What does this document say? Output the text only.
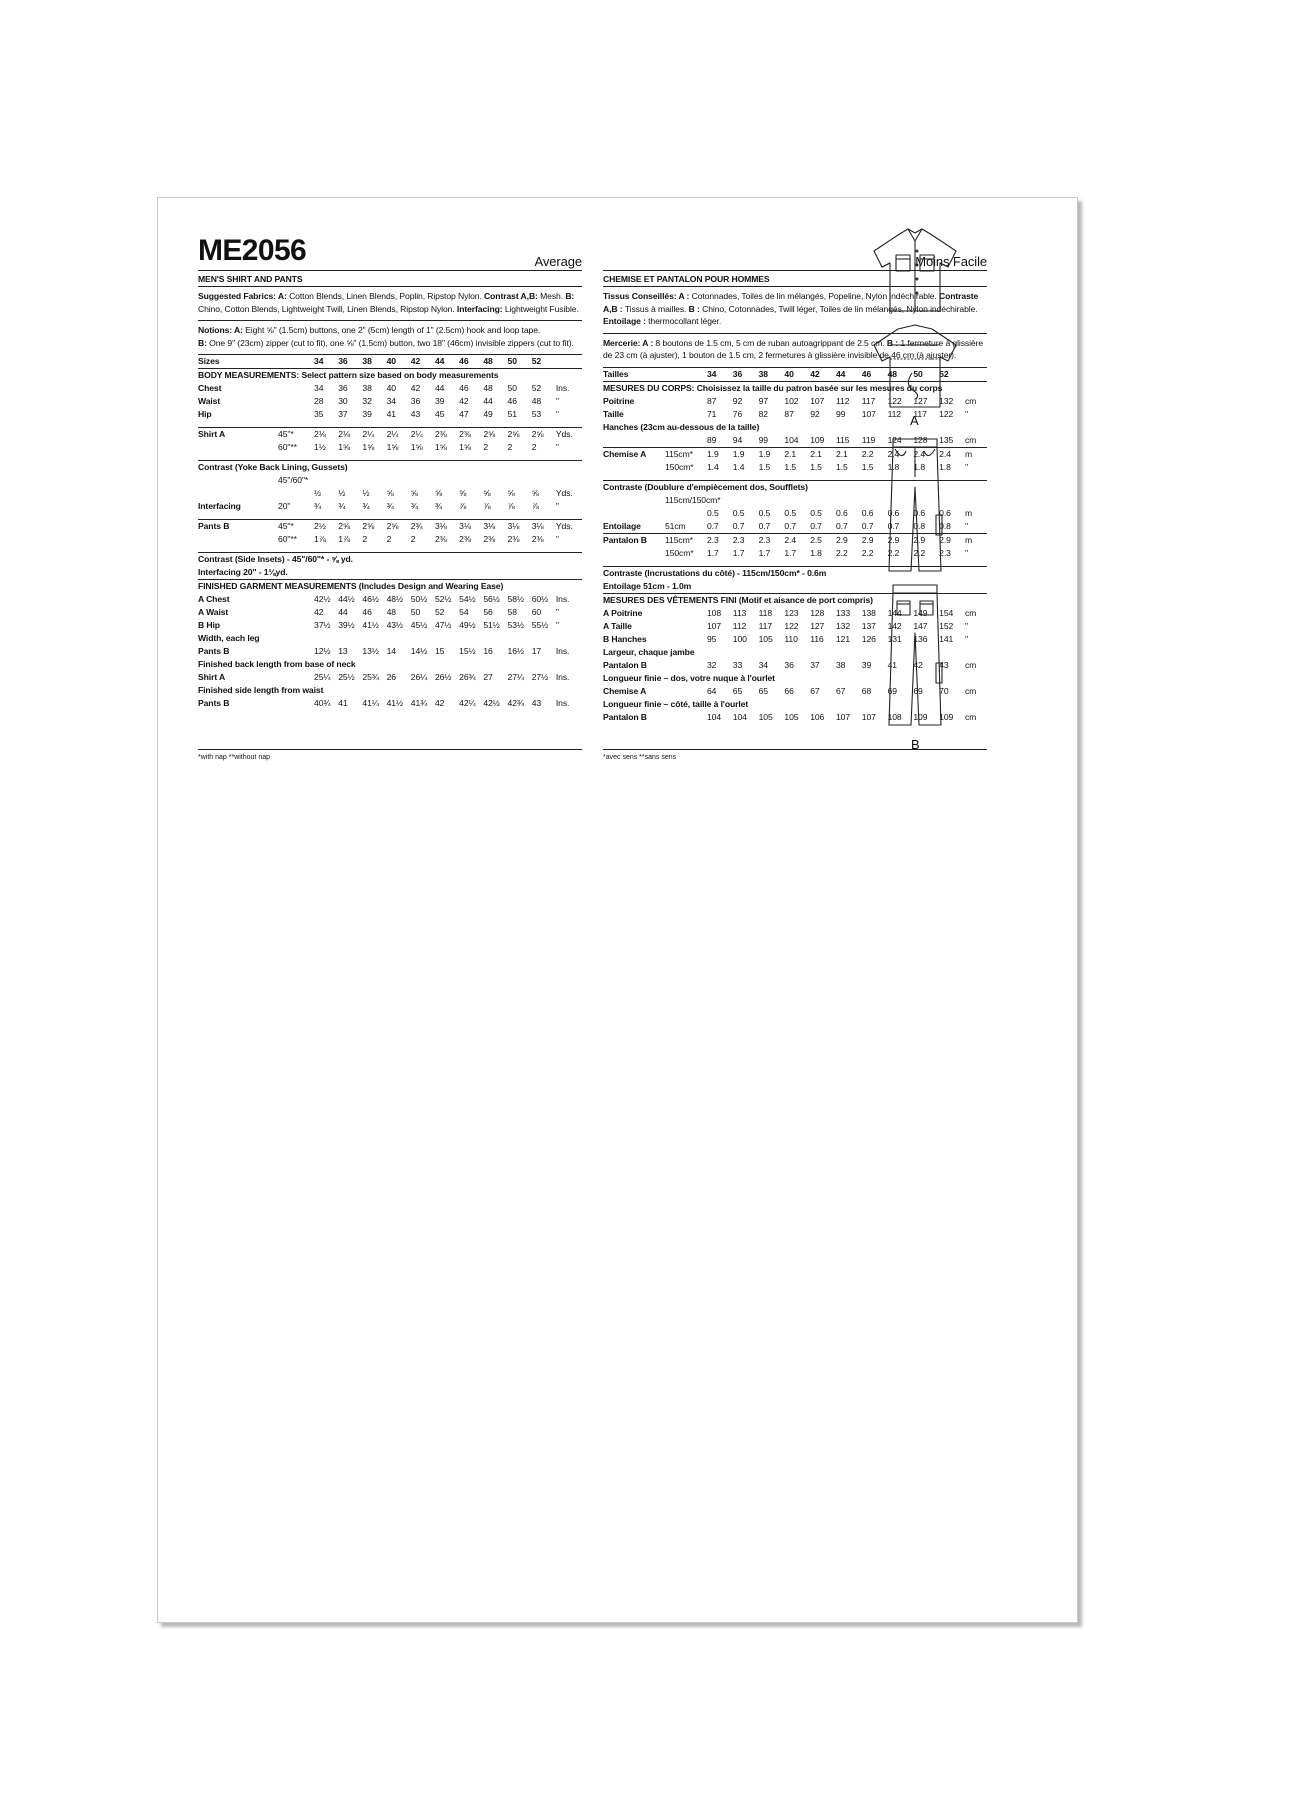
ME2056	Average
MEN'S SHIRT AND PANTS
Suggested Fabrics: A: Cotton Blends, Linen Blends, Poplin, Ripstop Nylon. Contrast A,B: Mesh. B: Chino, Cotton Blends, Lightweight Twill, Linen Blends, Ripstop Nylon. Interfacing: Lightweight Fusible.
Notions: A: Eight ⅝" (1.5cm) buttons, one 2" (5cm) length of 1" (2.5cm) hook and loop tape.
B: One 9" (23cm) zipper (cut to fit), one ⅝" (1.5cm) button, two 18" (46cm) invisible zippers (cut to fit).
Sizes		34	36	38	40	42	44	46	48	50	52	
BODY MEASUREMENTS: Select pattern size based on body measurements												
Chest		34	36	38	40	42	44	46	48	50	52	Ins.
Waist		28	30	32	34	36	39	42	44	46	48	"
Hip		35	37	39	41	43	45	47	49	51	53	"

Shirt A	45"*	2⅛	2⅛	2¼	2¼	2¼	2⅜	2⅜	2⅝	2⅝	2⅝	Yds.
	60"**	1½	1⅝	1⅝	1⅝	1⅝	1⅝	1⅝	2	2	2	"

Contrast (Yoke Back Lining, Gussets)												
	45"/60"*											
		½	½	½	⅝	⅝	⅝	⅝	⅝	⅝	⅝	Yds.
Interfacing	20"	¾	¾	¾	¾	¾	¾	⅞	⅞	⅞	⅞	"

Pants B	45"*	2½	2⅝	2⅝	2⅝	2¾	3⅛	3⅛	3⅛	3⅛	3⅛	Yds.
	60"**	1⅞	1⅞	2	2	2	2⅜	2⅜	2⅜	2⅜	2⅜	"

Contrast (Side Insets) - 45"/60"* - ⅝ yd.												
Interfacing 20" - 1⅛yd.												
FINISHED GARMENT MEASUREMENTS (Includes Design and Wearing Ease)												
A Chest		42½	44½	46½	48½	50½	52½	54½	56½	58½	60½	Ins.
A Waist		42	44	46	48	50	52	54	56	58	60	"
B Hip		37½	39½	41½	43½	45½	47½	49½	51½	53½	55½	"
Width, each leg												
Pants B		12½	13	13½	14	14½	15	15½	16	16½	17	Ins.
Finished back length from base of neck												
Shirt A		25¼	25½	25¾	26	26¼	26½	26¾	27	27¼	27½	Ins.
Finished side length from waist												
Pants B		40¾	41	41¼	41½	41¾	42	42¼	42½	42¾	43	Ins.
Moins Facile
CHEMISE ET PANTALON POUR HOMMES
Tissus Conseillés: A : Cotonnades, Toiles de lin mélangés, Popeline, Nylon indéchirable. Contraste A,B : Tissus à mailles. B : Chino, Cotonnades, Twill léger, Toiles de lin mélangés, Nylon indéchirable. Entoilage : thermocollant léger.
Mercerie: A : 8 boutons de 1.5 cm, 5 cm de ruban autoagrippant de 2.5 cm. B : 1 fermeture à glissière de 23 cm (à ajuster), 1 bouton de 1.5 cm, 2 fermetures à glissière invisible de 46 cm (à ajuster).
Tailles		34	36	38	40	42	44	46	48	50	52	
MESURES DU CORPS: Choisissez la taille du patron basée sur les mesures du corps												
Poitrine		87	92	97	102	107	112	117	122	127	132	cm
Taille		71	76	82	87	92	99	107	112	117	122	"
Hanches (23cm au-dessous de la taille)												
		89	94	99	104	109	115	119	124	128	135	cm
Chemise A	115cm*	1.9	1.9	1.9	2.1	2.1	2.1	2.2	2.4	2.4	2.4	m
	150cm*	1.4	1.4	1.5	1.5	1.5	1.5	1.5	1.8	1.8	1.8	"

Contraste (Doublure d'empiècement dos, Soufflets)												
	115cm/150cm*											
		0.5	0.5	0.5	0.5	0.5	0.6	0.6	0.6	0.6	0.6	m
Entoilage	51cm	0.7	0.7	0.7	0.7	0.7	0.7	0.7	0.7	0.8	0.8	"
Pantalon B	115cm*	2.3	2.3	2.3	2.4	2.5	2.9	2.9	2.9	2.9	2.9	m
	150cm*	1.7	1.7	1.7	1.7	1.8	2.2	2.2	2.2	2.2	2.3	"

Contraste (Incrustations du côté) - 115cm/150cm* - 0.6m												
Entoilage 51cm - 1.0m												
MESURES DES VÊTEMENTS FINI (Motif et aisance de port compris)												
A Poitrine		108	113	118	123	128	133	138	144	149	154	cm
A Taille		107	112	117	122	127	132	137	142	147	152	"
B Hanches		95	100	105	110	116	121	126	131	136	141	"
Largeur, chaque jambe												
Pantalon B		32	33	34	36	37	38	39	41	42	43	cm
Longueur finie – dos, votre nuque à l'ourlet												
Chemise A		64	65	65	66	67	67	68	69	69	70	cm
Longueur finie – côté, taille à l'ourlet												
Pantalon B		104	104	105	105	106	107	107	108	109	109	cm
*with nap **without nap	*avec sens **sans sens
A
B
